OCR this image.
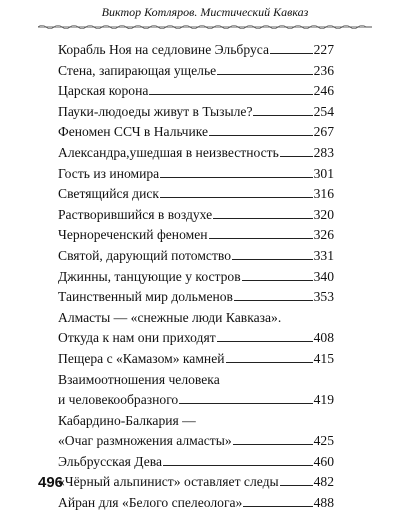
Виктор Котляров. Мистический Кавказ
Корабль Ноя на седловине Эльбруса	227
Стена, запирающая ущелье	236
Царская корона	246
Пауки-людоеды живут в Тызыле?	254
Феномен ССЧ в Нальчике	267
Александра,ушедшая в неизвестность	283
Гость из иномира	301
Светящийся диск	316
Растворившийся в воздухе	320
Чернореченский феномен	326
Святой, дарующий потомство	331
Джинны, танцующие у костров	340
Таинственный мир дольменов	353
Алмасты — «снежные люди Кавказа».
Откуда к нам они приходят	408
Пещера с «Камазом» камней	415
Взаимоотношения человека
и человекообразного	419
Кабардино-Балкария —
«Очаг размножения алмасты»	425
Эльбрусская Дева	460
«Чёрный альпинист» оставляет следы	482
Айран для «Белого спелеолога»	488
496
